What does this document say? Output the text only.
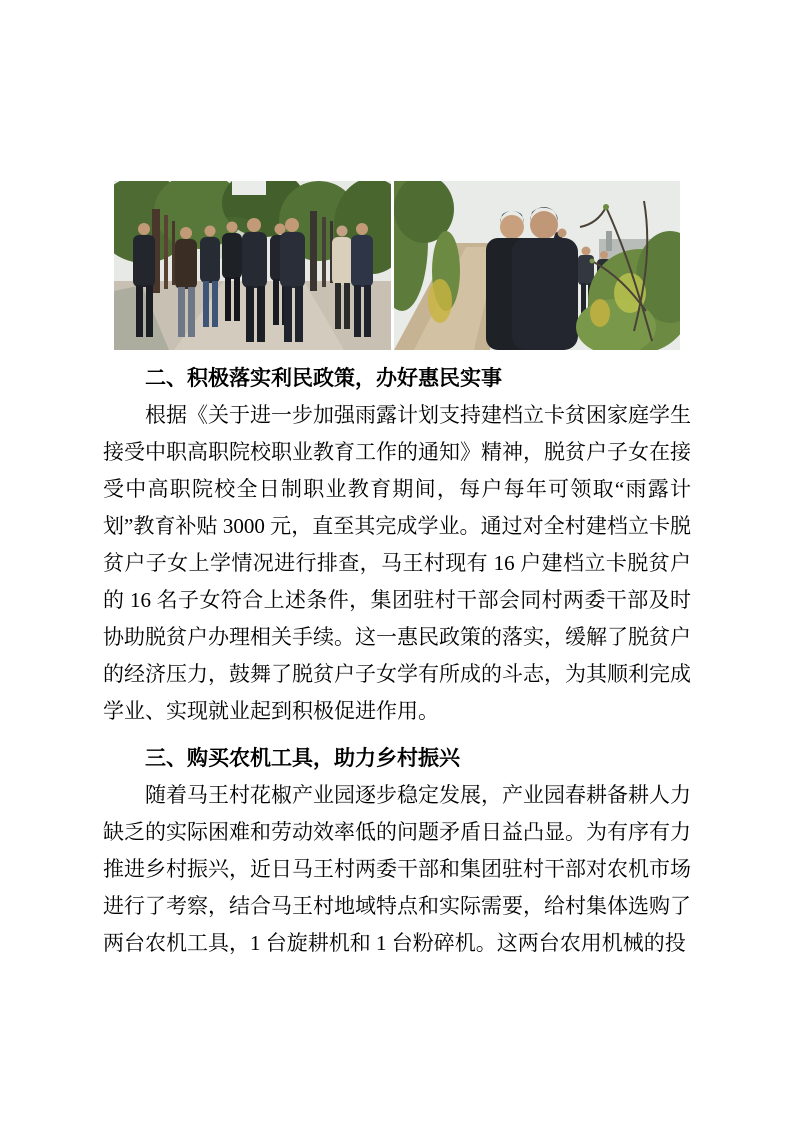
二、积极落实利民政策，办好惠民实事

根据《关于进一步加强雨露计划支持建档立卡贫困家庭学生接受中职高职院校职业教育工作的通知》精神，脱贫户子女在接受中高职院校全日制职业教育期间，每户每年可领取“雨露计划”教育补贴 3000 元，直至其完成学业。通过对全村建档立卡脱贫户子女上学情况进行排查，马王村现有 16 户建档立卡脱贫户的 16 名子女符合上述条件，集团驻村干部会同村两委干部及时协助脱贫户办理相关手续。这一惠民政策的落实，缓解了脱贫户的经济压力，鼓舞了脱贫户子女学有所成的斗志，为其顺利完成学业、实现就业起到积极促进作用。

三、购买农机工具，助力乡村振兴

随着马王村花椒产业园逐步稳定发展，产业园春耕备耕人力缺乏的实际困难和劳动效率低的问题矛盾日益凸显。为有序有力推进乡村振兴，近日马王村两委干部和集团驻村干部对农机市场进行了考察，结合马王村地域特点和实际需要，给村集体选购了两台农机工具，1 台旋耕机和 1 台粉碎机。这两台农用机械的投
